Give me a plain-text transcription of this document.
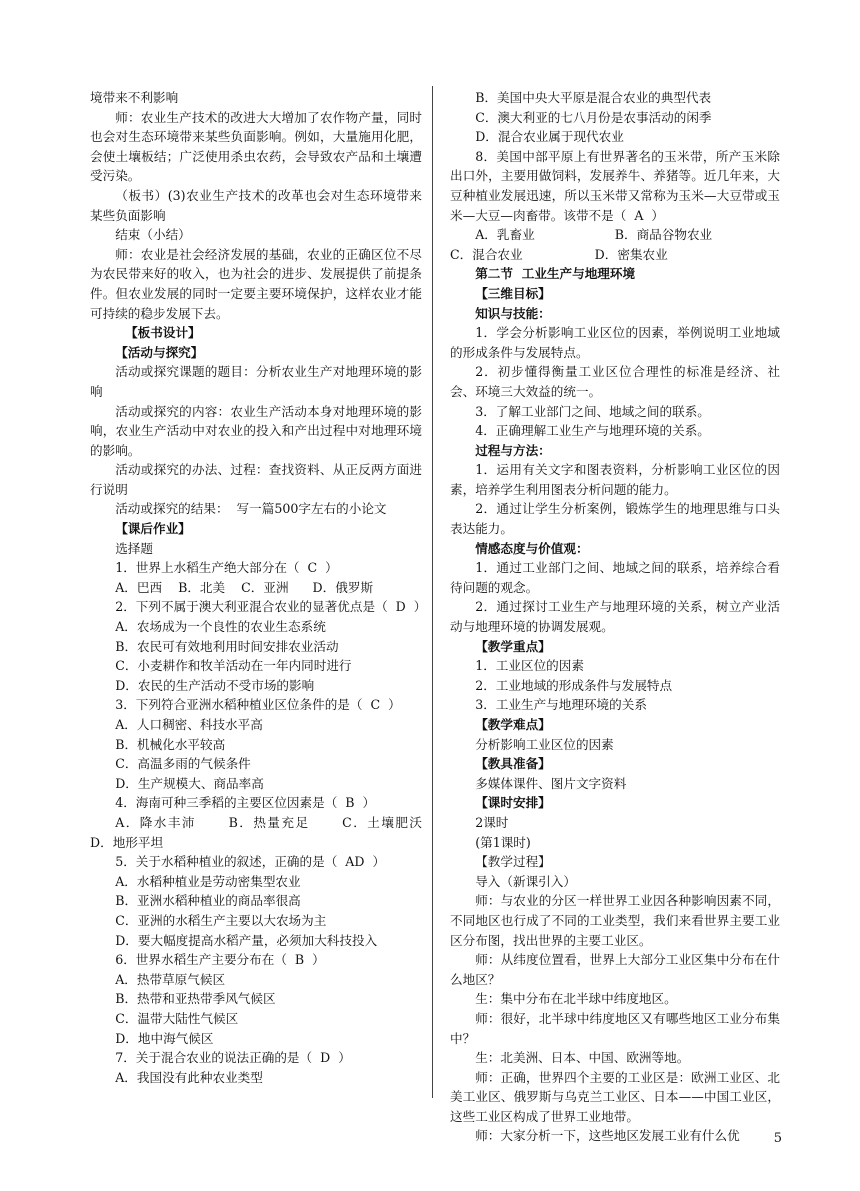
境带来不利影响

师：农业生产技术的改进大大增加了农作物产量，同时也会对生态环境带来某些负面影响。例如，大量施用化肥，会使土壤板结；广泛使用杀虫农药，会导致农产品和土壤遭受污染。

（板书）(3)农业生产技术的改革也会对生态环境带来某些负面影响

结束（小结）

师：农业是社会经济发展的基础，农业的正确区位不尽为农民带来好的收入，也为社会的进步、发展提供了前提条件。但农业发展的同时一定要主要环境保护，这样农业才能可持续的稳步发展下去。

【板书设计】

【活动与探究】

活动或探究课题的题目：分析农业生产对地理环境的影响

活动或探究的内容：农业生产活动本身对地理环境的影响，农业生产活动中对农业的投入和产出过程中对地理环境的影响。

活动或探究的办法、过程：查找资料、从正反两方面进行说明

活动或探究的结果：  写一篇500字左右的小论文

【课后作业】

选择题

1．世界上水稻生产绝大部分在（  C  ）

A．巴西    B．北美    C．亚洲      D．俄罗斯

2．下列不属于澳大利亚混合农业的显著优点是（  D  ）

A．农场成为一个良性的农业生态系统

B．农民可有效地利用时间安排农业活动

C．小麦耕作和牧羊活动在一年内同时进行

D．农民的生产活动不受市场的影响

3．下列符合亚洲水稻种植业区位条件的是（  C  ）

A．人口稠密、科技水平高

B．机械化水平较高

C．高温多雨的气候条件

D．生产规模大、商品率高

4．海南可种三季稻的主要区位因素是（  B  ）

A．降水丰沛      B．热量充足      C．土壤肥沃      D．地形平坦

5．关于水稻种植业的叙述，正确的是（  AD  ）

A．水稻种植业是劳动密集型农业

B．亚洲水稻种植业的商品率很高

C．亚洲的水稻生产主要以大农场为主

D．要大幅度提高水稻产量，必须加大科技投入

6．世界水稻生产主要分布在（  B  ）

A．热带草原气候区

B．热带和亚热带季风气候区

C．温带大陆性气候区

D．地中海气候区

7．关于混合农业的说法正确的是（  D  ）

A．我国没有此种农业类型

B．美国中央大平原是混合农业的典型代表

C．澳大利亚的七八月份是农事活动的闲季

D．混合农业属于现代农业

8．美国中部平原上有世界著名的玉米带，所产玉米除出口外，主要用做饲料，发展养牛、养猪等。近几年来，大豆种植业发展迅速，所以玉米带又常称为玉米—大豆带或玉米—大豆—肉畜带。该带不是（  A  ）

A．乳畜业                    B．商品谷物农业

C．混合农业                  D．密集农业

第二节  工业生产与地理环境

【三维目标】

知识与技能：

1．学会分析影响工业区位的因素，举例说明工业地域的形成条件与发展特点。

2．初步懂得衡量工业区位合理性的标准是经济、社会、环境三大效益的统一。

3．了解工业部门之间、地域之间的联系。

4．正确理解工业生产与地理环境的关系。

过程与方法：

1．运用有关文字和图表资料，分析影响工业区位的因素，培养学生利用图表分析问题的能力。

2．通过让学生分析案例，锻炼学生的地理思维与口头表达能力。

情感态度与价值观：

1．通过工业部门之间、地域之间的联系，培养综合看待问题的观念。

2．通过探讨工业生产与地理环境的关系，树立产业活动与地理环境的协调发展观。

【教学重点】

1．工业区位的因素

2．工业地域的形成条件与发展特点

3．工业生产与地理环境的关系

【教学难点】

分析影响工业区位的因素

【教具准备】

多媒体课件、图片文字资料

【课时安排】

2课时

(第1课时)

【教学过程】

导入（新课引入）

师：与农业的分区一样世界工业因各种影响因素不同，不同地区也行成了不同的工业类型，我们来看世界主要工业区分布图，找出世界的主要工业区。

师：从纬度位置看，世界上大部分工业区集中分布在什么地区？

生：集中分布在北半球中纬度地区。

师：很好，北半球中纬度地区又有哪些地区工业分布集中？

生：北美洲、日本、中国、欧洲等地。

师：正确，世界四个主要的工业区是：欧洲工业区、北美工业区、俄罗斯与乌克兰工业区、日本——中国工业区，这些工业区构成了世界工业地带。

师：大家分析一下，这些地区发展工业有什么优	5
